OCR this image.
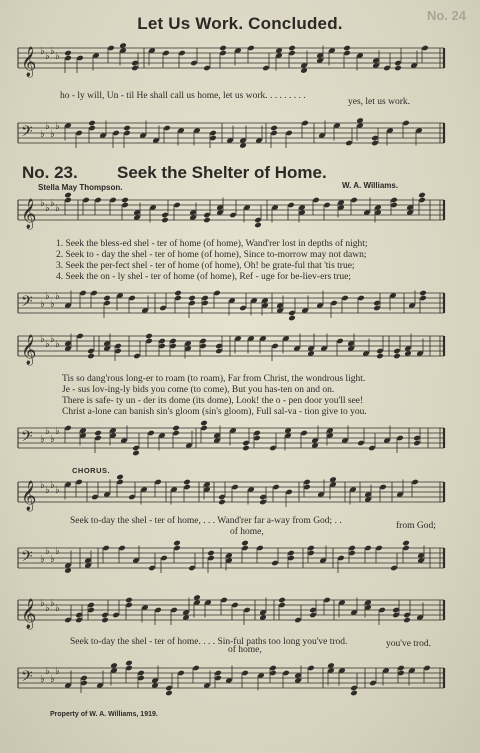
No. 24
Let Us Work. Concluded.
𝄞 ♭ ♭ ♭ ♭
ho - ly will, Un - til He shall call us home, let us work. . . . . . . . .
yes, let us work.
𝄢 ♭
♭
♭
♭
No. 23. Seek the Shelter of Home.
Stella May Thompson.	W. A. Williams.
𝄞 ♭ ♭ ♭ ♭
1. Seek the bless-ed shel - ter of home (of home), Wand'rer lost in depths of night;
2. Seek to - day the shel - ter of home (of home), Since to-morrow may not dawn;
3. Seek the per-fect shel - ter of home (of home), Oh! be grate-ful that 'tis true;
4. Seek the on - ly shel - ter of home (of home), Ref - uge for be-liev-ers true;
𝄢 ♭
♭
♭
♭
𝄞 ♭ ♭ ♭ ♭
Tis so dang'rous long-er to roam (to roam), Far from Christ, the wondrous light.
Je - sus lov-ing-ly bids you come (to come), But you has-ten on and on.
There is safe- ty un - der its dome (its dome), Look! the o - pen door you'll see!
Christ a-lone can banish sin's gloom (sin's gloom), Full sal-va - tion give to you.
𝄢 ♭
♭
♭
♭
CHORUS.
𝄞 ♭ ♭ ♭ ♭
Seek to-day the shel - ter of home, . . . Wand'rer far a-way from God; . .
of home,
from God;
𝄢 ♭
♭
♭
♭
𝄞 ♭ ♭ ♭ ♭
Seek to-day the shel - ter of home. . . . Sin-ful paths too long you've trod.
of home,
you've trod.
𝄢 ♭
♭
♭
♭
Property of W. A. Williams, 1919.
